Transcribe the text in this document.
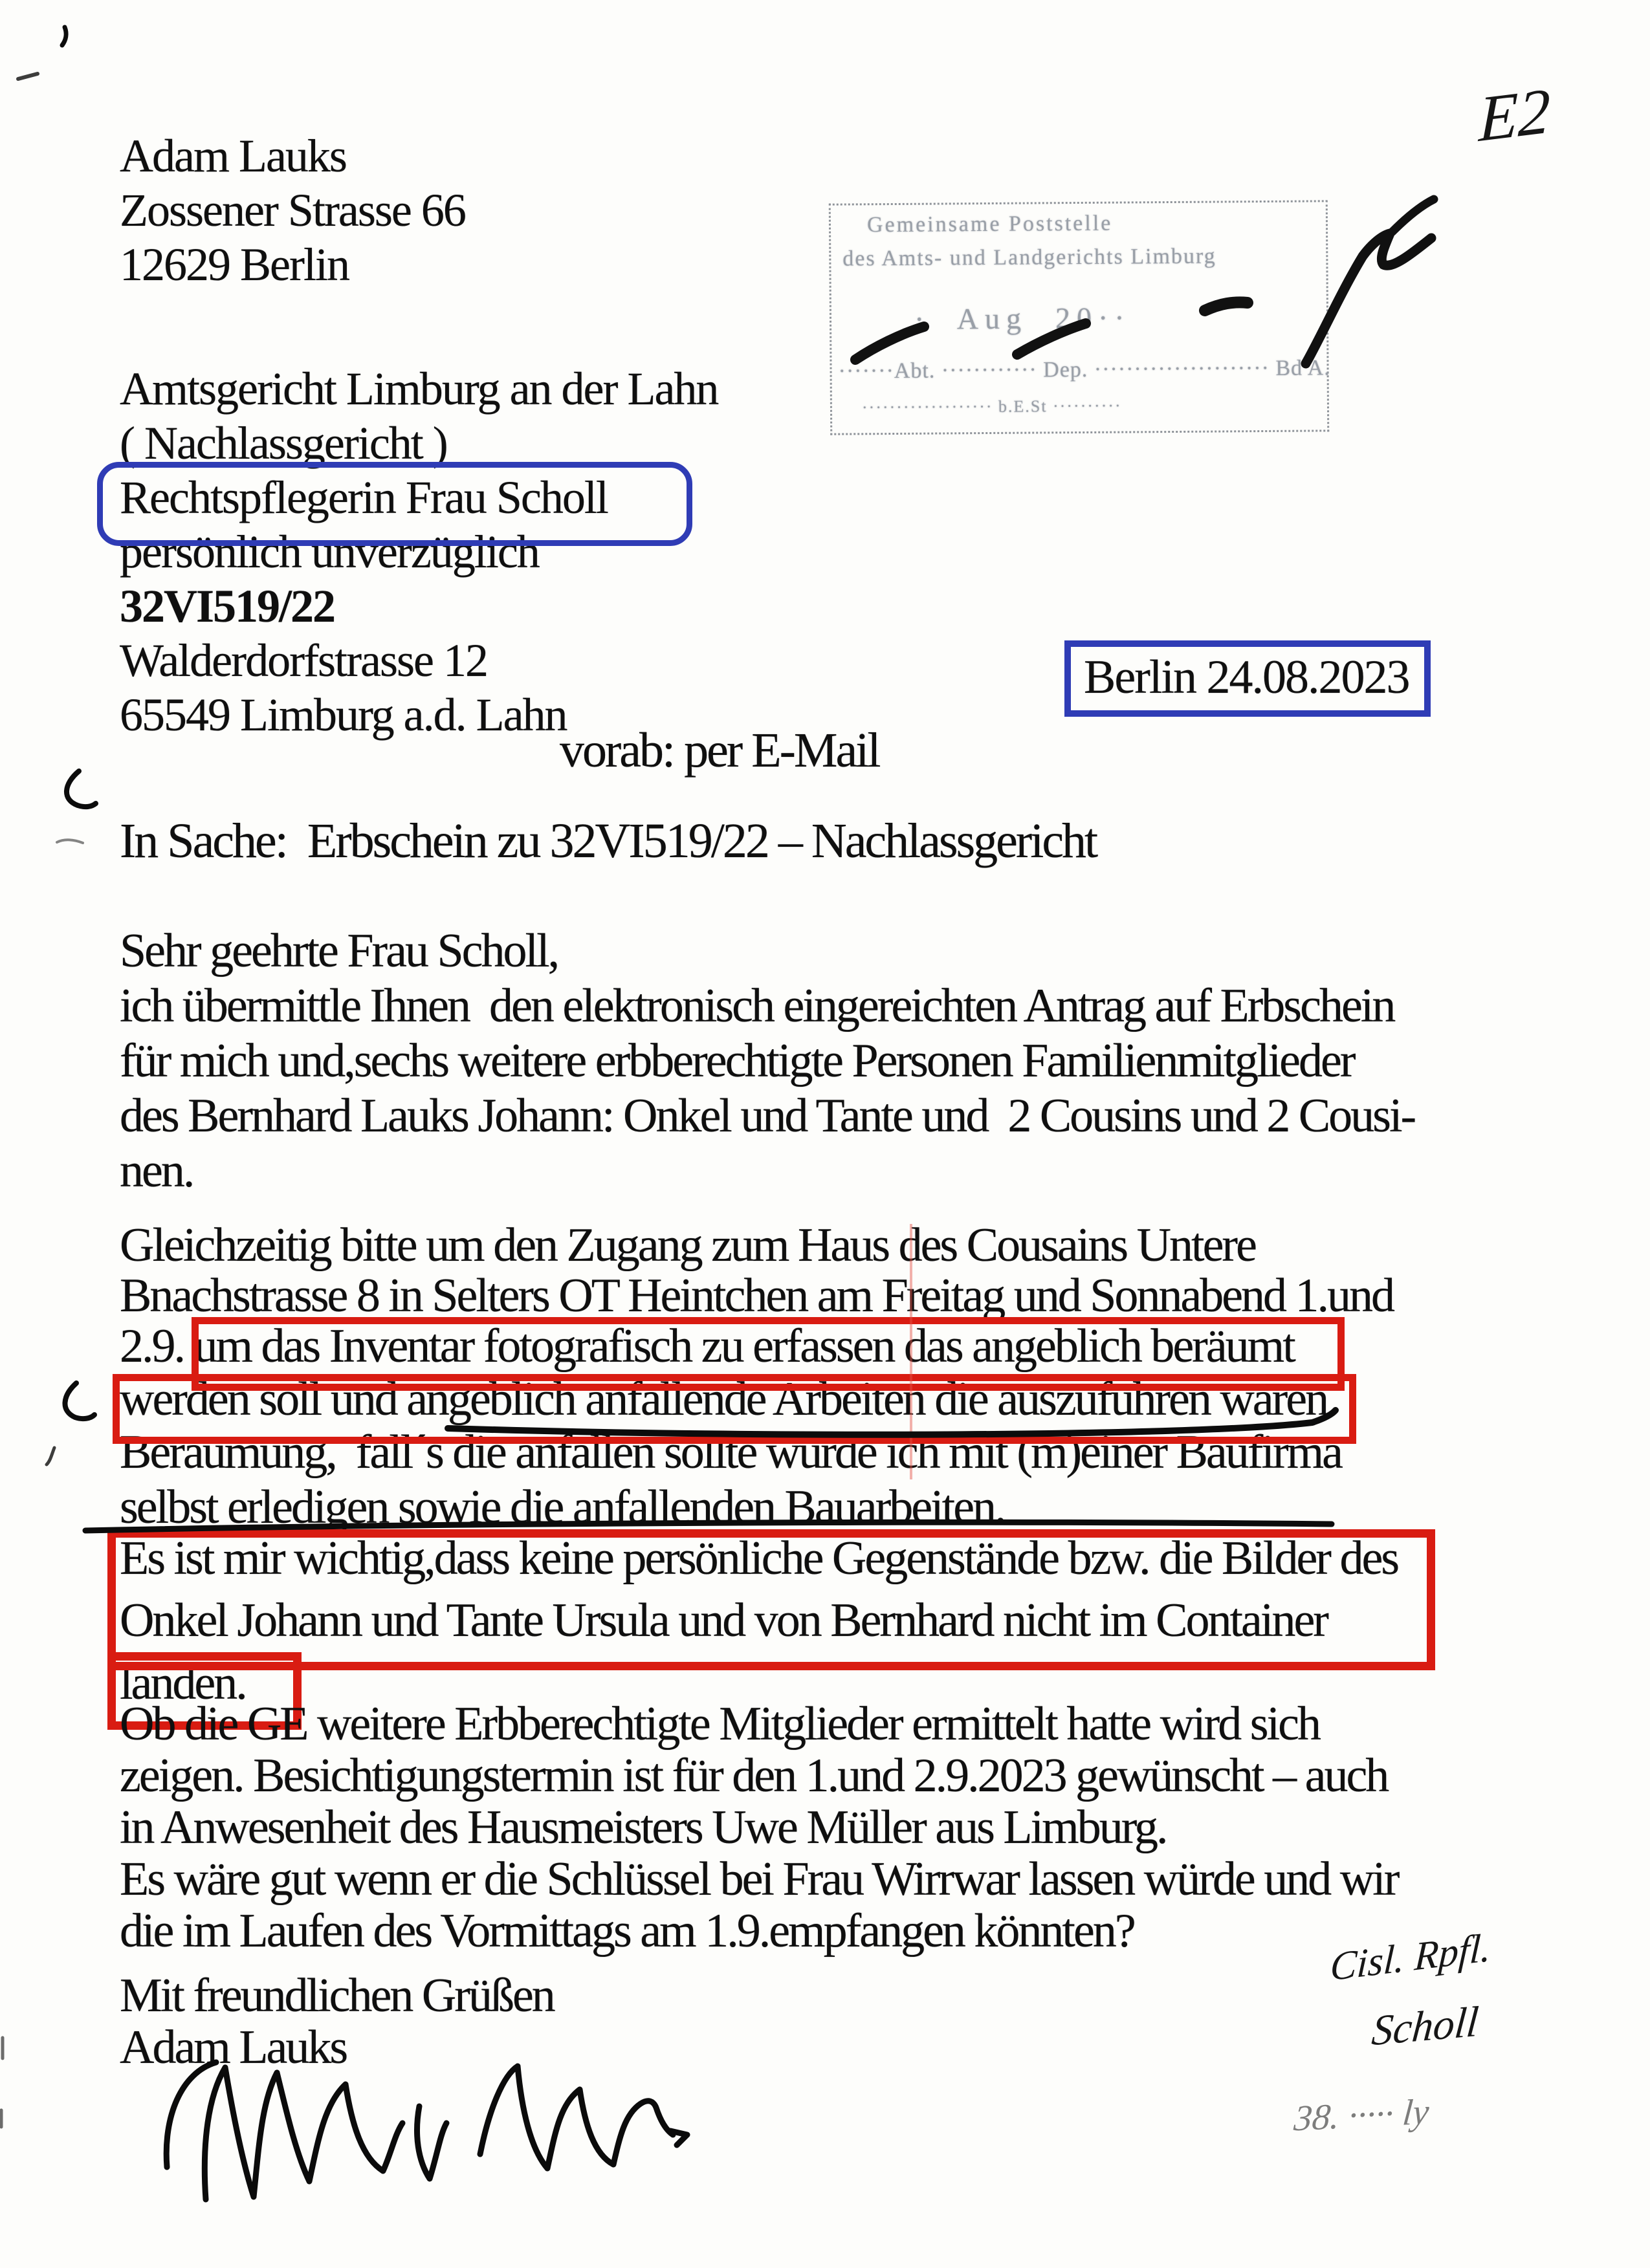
Adam Lauks
Zossener Strasse 66
12629 Berlin
Gemeinsame Poststelle
des Amts- und Landgerichts Limburg
·  Aug  20··
·······Abt. ············ Dep. ······················ Bd A.
··················· b.E.St ··········
Amtsgericht Limburg an der Lahn
( Nachlassgericht )
Rechtspflegerin Frau Scholl
persönlich unverzüglich
32VI519/22
Walderdorfstrasse 12
65549 Limburg a.d. Lahn
Berlin 24.08.2023
vorab: per E-Mail
In Sache:  Erbschein zu 32VI519/22 – Nachlassgericht
Sehr geehrte Frau Scholl,
ich übermittle Ihnen  den elektronisch eingereichten Antrag auf Erbschein
für mich und,sechs weitere erbberechtigte Personen Familienmitglieder
des Bernhard Lauks Johann: Onkel und Tante und  2 Cousins und 2 Cousi-
nen.
Gleichzeitig bitte um den Zugang zum Haus des Cousains Untere
Bnachstrasse 8 in Selters OT Heintchen am Freitag und Sonnabend 1.und
2.9. um das Inventar fotografisch zu erfassen das angeblich beräumt
werden soll und angeblich anfallende Arbeiten die auszuführen wären.
Beräumung,  fall´s die anfallen sollte würde ich mit (m)einer Baufirma
selbst erledigen sowie die anfallenden Bauarbeiten.
Es ist mir wichtig,dass keine persönliche Gegenstände bzw. die Bilder des
Onkel Johann und Tante Ursula und von Bernhard nicht im Container
landen.
Ob die GE weitere Erbberechtigte Mitglieder ermittelt hatte wird sich
zeigen. Besichtigungstermin ist für den 1.und 2.9.2023 gewünscht – auch
in Anwesenheit des Hausmeisters Uwe Müller aus Limburg.
Es wäre gut wenn er die Schlüssel bei Frau Wirrwar lassen würde und wir
die im Laufen des Vormittags am 1.9.empfangen könnten?
Mit freundlichen Grüßen
Adam Lauks
E2
Cisl. Rpfl.
Scholl
38. ····· ly
